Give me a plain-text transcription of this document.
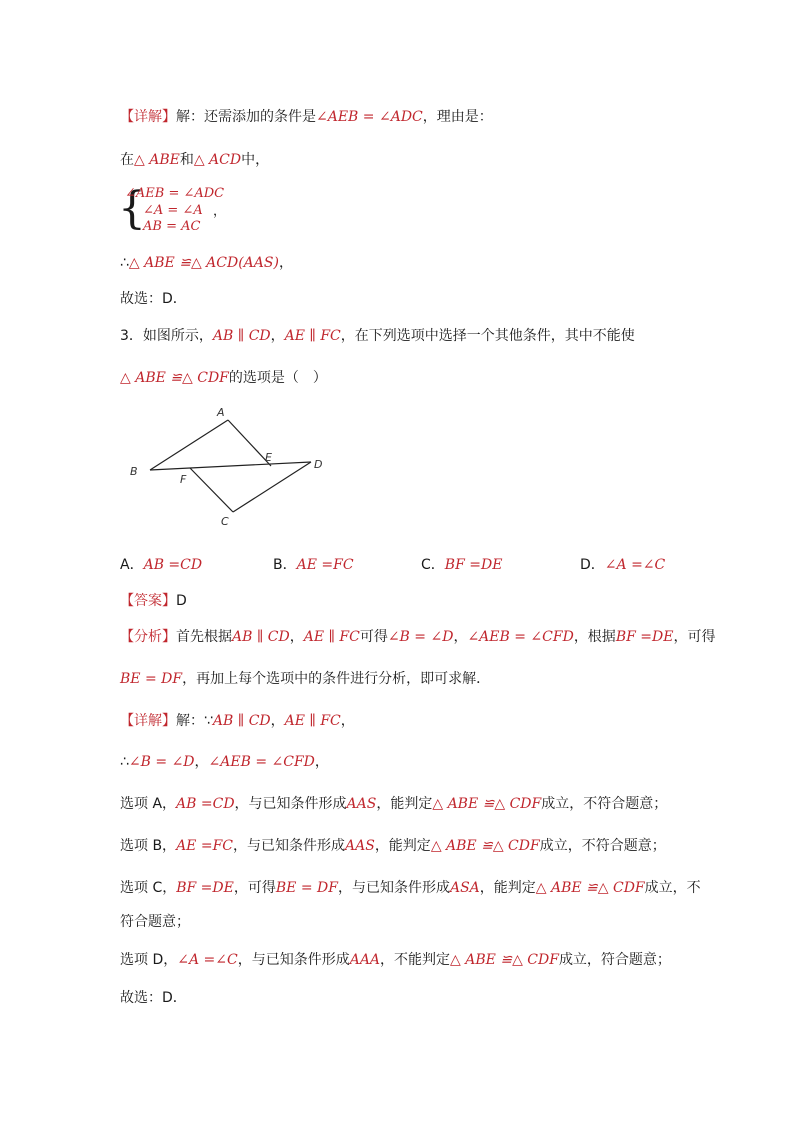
【详解】解：还需添加的条件是∠AEB = ∠ADC，理由是：
在△ ABE和△ ACD中，
{
∠AEB = ∠ADC
∠A = ∠A
AB = AC
，
∴△ ABE ≌△ ACD(AAS)，
故选：D．
3．如图所示，AB ∥ CD，AE ∥ FC，在下列选项中选择一个其他条件，其中不能使
△ ABE ≌△ CDF的选项是（　）
A
B
C
D
E
F
A．AB =CD	B．AE =FC	C．BF =DE	D．∠A =∠C
【答案】D
【分析】首先根据AB ∥ CD，AE ∥ FC可得∠B = ∠D，∠AEB = ∠CFD，根据BF =DE，可得
BE = DF，再加上每个选项中的条件进行分析，即可求解．
【详解】解：∵AB ∥ CD，AE ∥ FC，
∴∠B = ∠D，∠AEB = ∠CFD，
选项 A，AB =CD，与已知条件形成AAS，能判定△ ABE ≌△ CDF成立，不符合题意；
选项 B，AE =FC，与已知条件形成AAS，能判定△ ABE ≌△ CDF成立，不符合题意；
选项 C，BF =DE，可得BE = DF，与已知条件形成ASA，能判定△ ABE ≌△ CDF成立，不
符合题意；
选项 D，∠A =∠C，与已知条件形成AAA，不能判定△ ABE ≌△ CDF成立，符合题意；
故选：D．
